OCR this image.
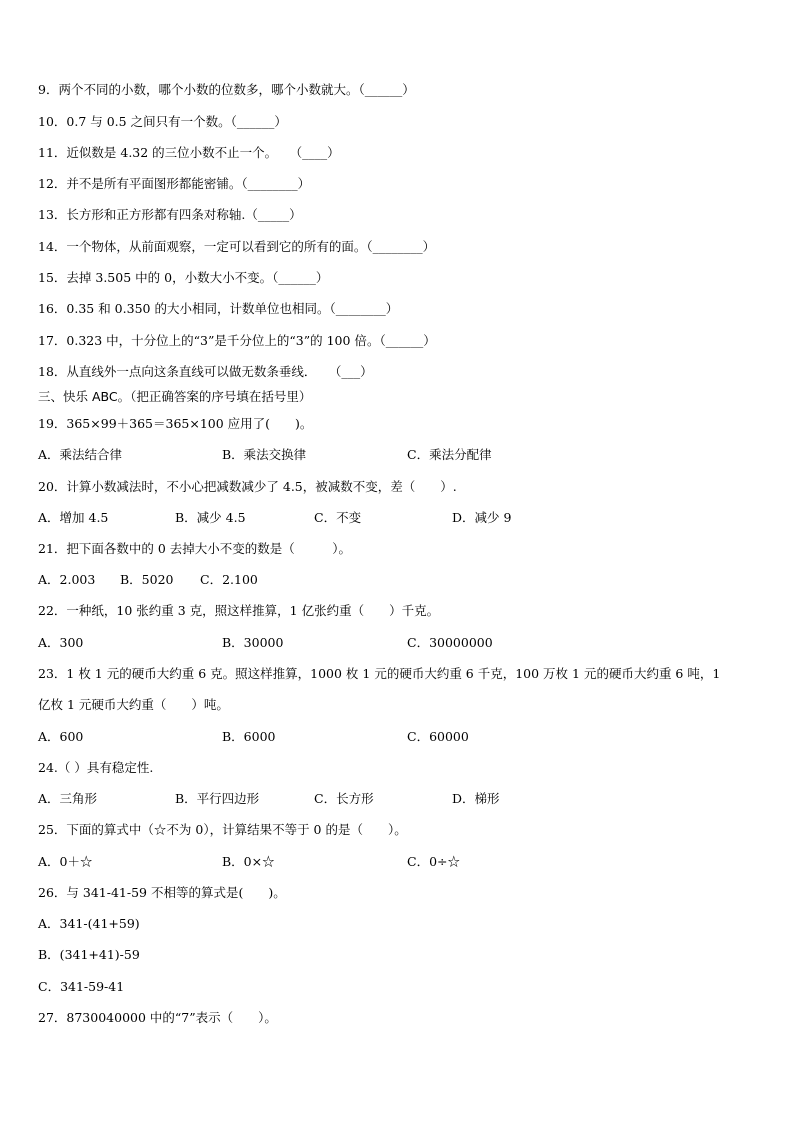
9．两个不同的小数，哪个小数的位数多，哪个小数就大。（______）
10．0.7 与 0.5 之间只有一个数。（______）
11．近似数是 4.32 的三位小数不止一个。　　（____）
12．并不是所有平面图形都能密铺。（________）
13．长方形和正方形都有四条对称轴.（_____）
14．一个物体，从前面观察，一定可以看到它的所有的面。（________）
15．去掉 3.505 中的 0，小数大小不变。（______）
16．0.35 和 0.350 的大小相同，计数单位也相同。（________）
17．0.323 中，十分位上的“3”是千分位上的“3”的 100 倍。（______）
18．从直线外一点向这条直线可以做无数条垂线．　　（___）
三、快乐 ABC。（把正确答案的序号填在括号里）
19．365×99＋365＝365×100 应用了(　　)。
A．乘法结合律	B．乘法交换律	C．乘法分配律
20．计算小数减法时，不小心把减数减少了 4.5，被减数不变，差（　　）.
A．增加 4.5	B．减少 4.5	C．不变	D．减少 9
21．把下面各数中的 0 去掉大小不变的数是（　　　）。
A．2.003 B．5020 C．2.100
22．一种纸，10 张约重 3 克，照这样推算，1 亿张约重（　　）千克。
A．300	B．30000	C．30000000
23．1 枚 1 元的硬币大约重 6 克。照这样推算，1000 枚 1 元的硬币大约重 6 千克，100 万枚 1 元的硬币大约重 6 吨，1
亿枚 1 元硬币大约重（　　）吨。
A．600	B．6000	C．60000
24.（ ）具有稳定性.
A．三角形	B．平行四边形	C．长方形	D．梯形
25．下面的算式中（☆不为 0），计算结果不等于 0 的是（　　）。
A．0＋☆	B．0×☆	C．0÷☆
26．与 341-41-59 不相等的算式是(　　)。
A．341-(41+59)
B．(341+41)-59
C．341-59-41
27．8730040000 中的“7”表示（　　）。
